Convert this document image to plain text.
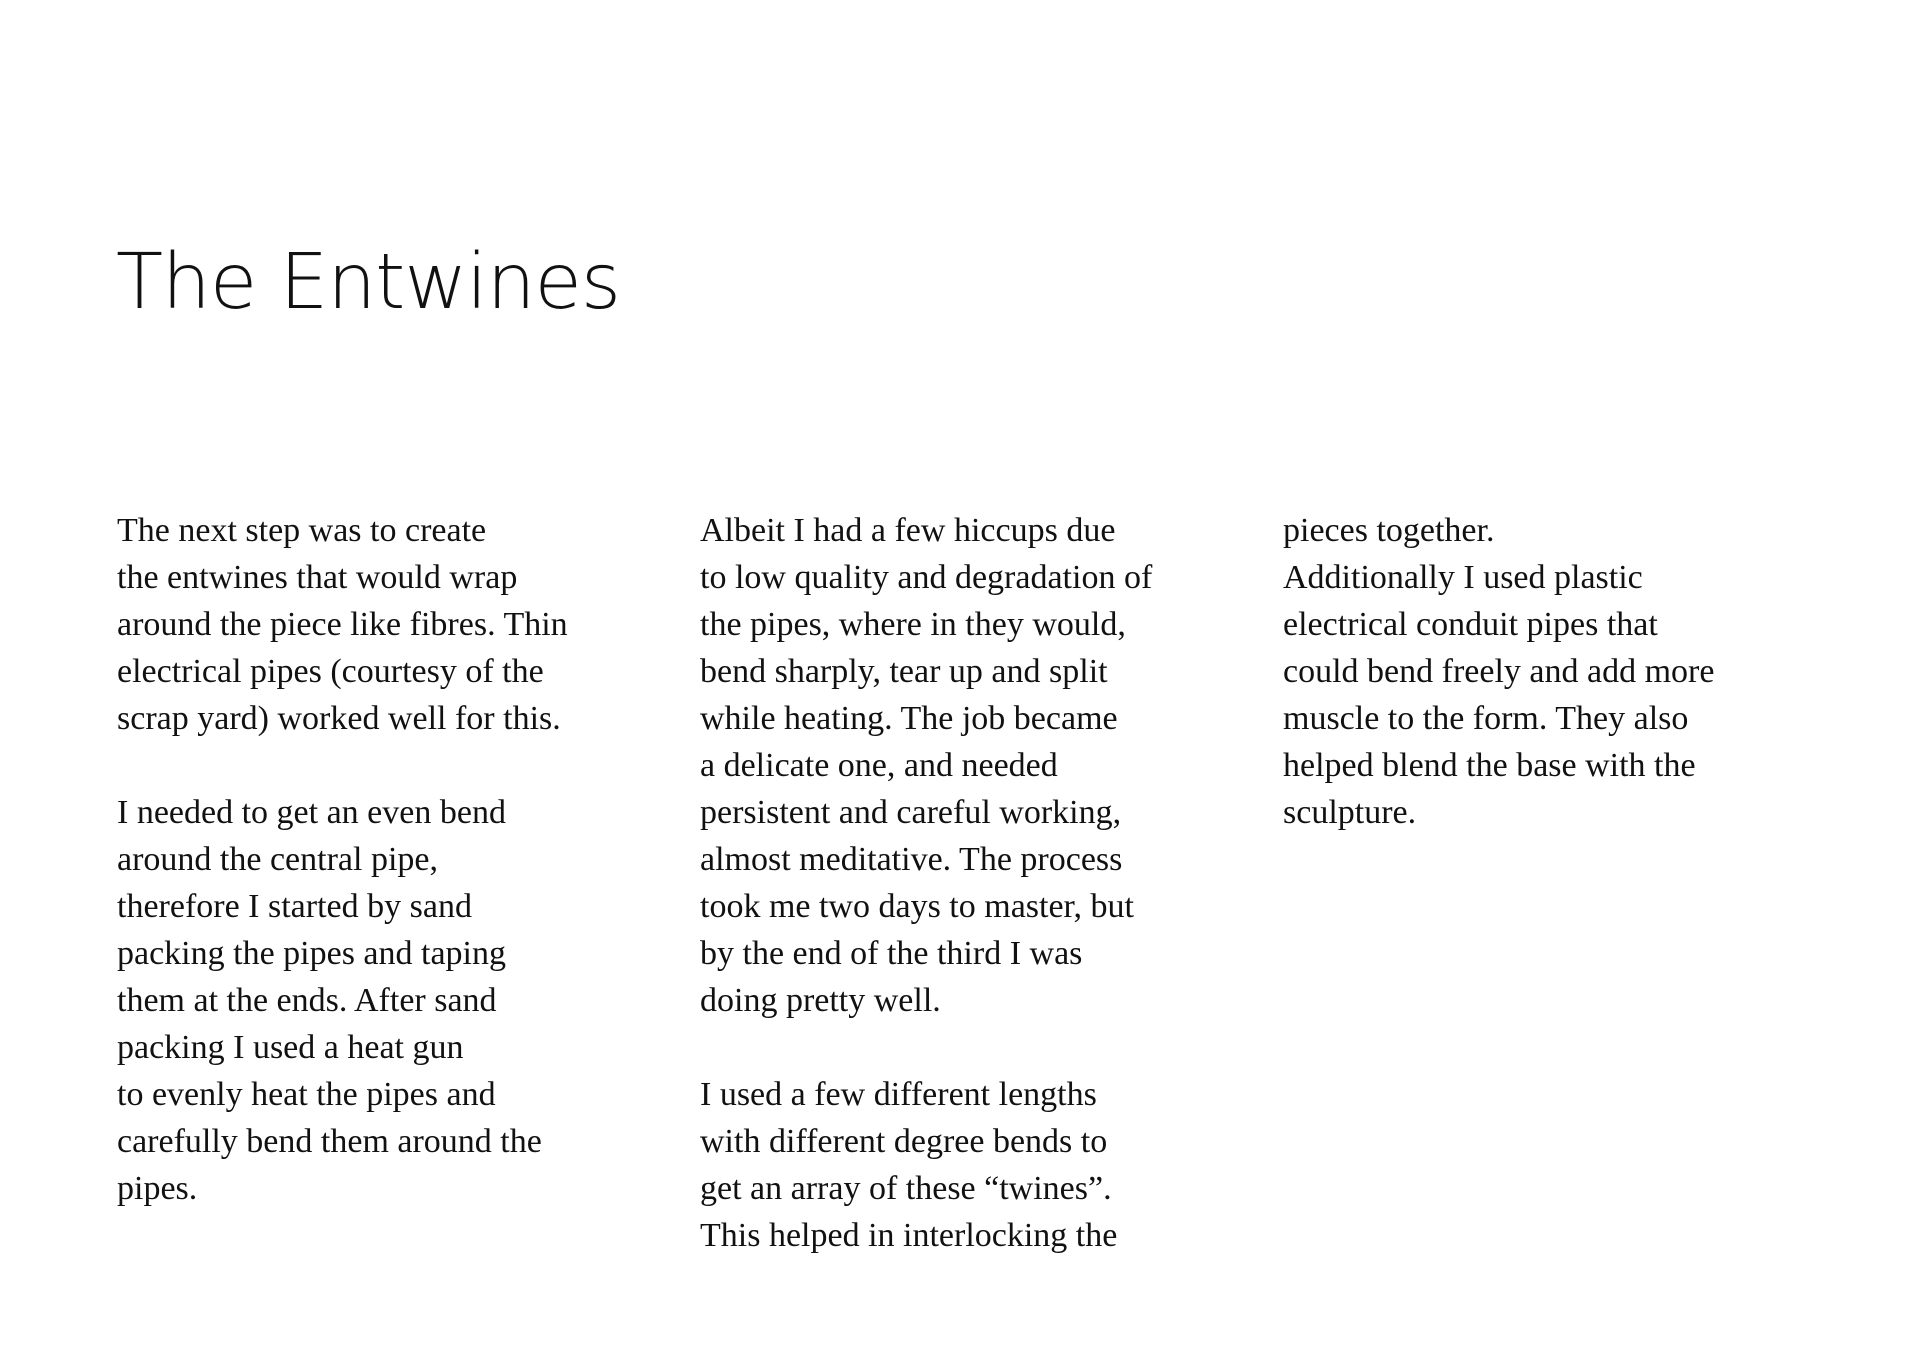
The Entwines
The next step was to create
the entwines that would wrap
around the piece like fibres. Thin
electrical pipes (courtesy of the
scrap yard) worked well for this.
I needed to get an even bend
around the central pipe,
therefore I started by sand
packing the pipes and taping
them at the ends. After sand
packing I used a heat gun
to evenly heat the pipes and
carefully bend them around the
pipes.
Albeit I had a few hiccups due
to low quality and degradation of
the pipes, where in they would,
bend sharply, tear up and split
while heating. The job became
a delicate one, and needed
persistent and careful working,
almost meditative. The process
took me two days to master, but
by the end of the third I was
doing pretty well.
I used a few different lengths
with different degree bends to
get an array of these “twines”.
This helped in interlocking the
pieces together.
Additionally I used plastic
electrical conduit pipes that
could bend freely and add more
muscle to the form. They also
helped blend the base with the
sculpture.
